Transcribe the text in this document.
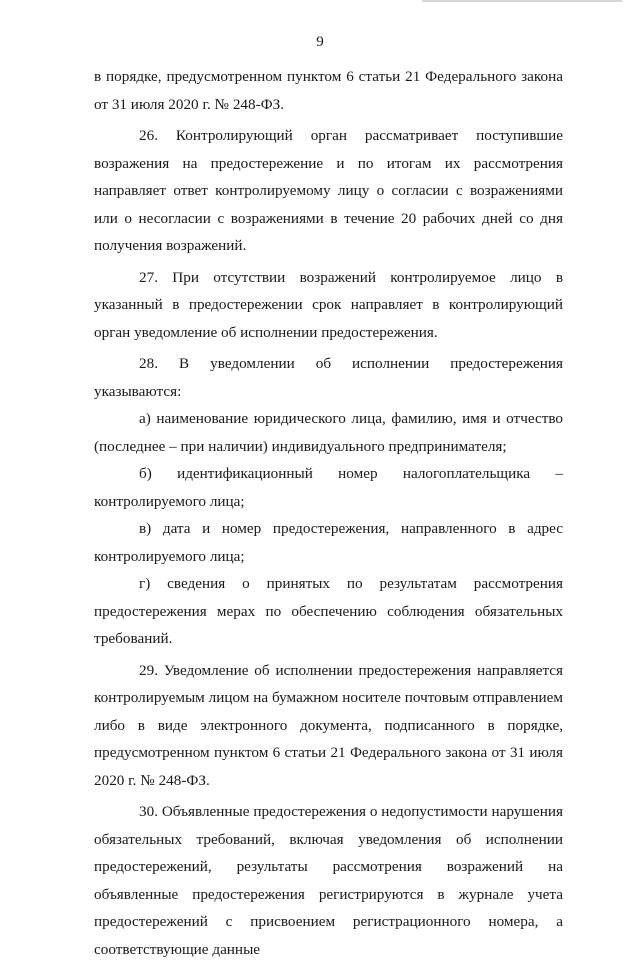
9

в порядке, предусмотренном пунктом 6 статьи 21 Федерального закона от 31 июля 2020 г. № 248-ФЗ.

26. Контролирующий орган рассматривает поступившие возражения на предостережение и по итогам их рассмотрения направляет ответ контролируемому лицу о согласии с возражениями или о несогласии с возражениями в течение 20 рабочих дней со дня получения возражений.

27. При отсутствии возражений контролируемое лицо в указанный в предостережении срок направляет в контролирующий орган уведомление об исполнении предостережения.

28. В уведомлении об исполнении предостережения указываются:

а) наименование юридического лица, фамилию, имя и отчество (последнее – при наличии) индивидуального предпринимателя;

б) идентификационный номер налогоплательщика – контролируемого лица;

в) дата и номер предостережения, направленного в адрес контролируемого лица;

г) сведения о принятых по результатам рассмотрения предостережения мерах по обеспечению соблюдения обязательных требований.

29. Уведомление об исполнении предостережения направляется контролируемым лицом на бумажном носителе почтовым отправлением либо в виде электронного документа, подписанного в порядке, предусмотренном пунктом 6 статьи 21 Федерального закона от 31 июля 2020 г. № 248-ФЗ.

30. Объявленные предостережения о недопустимости нарушения обязательных требований, включая уведомления об исполнении предостережений, результаты рассмотрения возражений на объявленные предостережения регистрируются в журнале учета предостережений с присвоением регистрационного номера, а соответствующие данные
